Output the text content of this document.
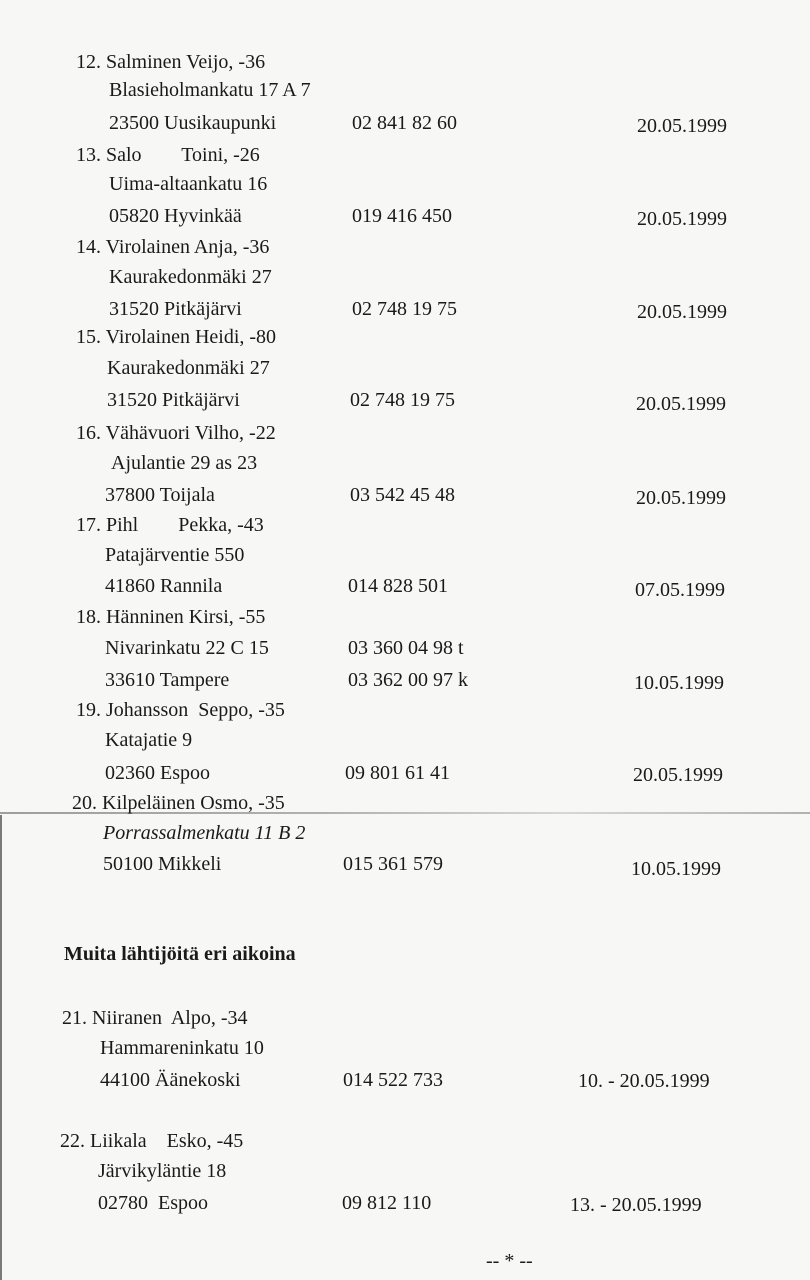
12. Salminen Veijo, -36
Blasieholmankatu 17 A 7
23500 Uusikaupunki	02 841 82 60	20.05.1999
13. Salo        Toini, -26
Uima-altaankatu 16
05820 Hyvinkää	019 416 450	20.05.1999
14. Virolainen Anja, -36
Kaurakedonmäki 27
31520 Pitkäjärvi	02 748 19 75	20.05.1999
15. Virolainen Heidi, -80
Kaurakedonmäki 27
31520 Pitkäjärvi	02 748 19 75	20.05.1999
16. Vähävuori Vilho, -22
Ajulantie 29 as 23
37800 Toijala	03 542 45 48	20.05.1999
17. Pihl        Pekka, -43
Patajärventie 550
41860 Rannila	014 828 501	07.05.1999
18. Hänninen Kirsi, -55
Nivarinkatu 22 C 15	03 360 04 98 t
33610 Tampere	03 362 00 97 k	10.05.1999
19. Johansson  Seppo, -35
Katajatie 9
02360 Espoo	09 801 61 41	20.05.1999
20. Kilpeläinen Osmo, -35
Porrassalmenkatu 11 B 2
50100 Mikkeli	015 361 579	10.05.1999
Muita lähtijöitä eri aikoina
21. Niiranen  Alpo, -34
Hammareninkatu 10
44100 Äänekoski	014 522 733	10. - 20.05.1999
22. Liikala    Esko, -45
Järvikyläntie 18
02780  Espoo	09 812 110	13. - 20.05.1999
-- * --
